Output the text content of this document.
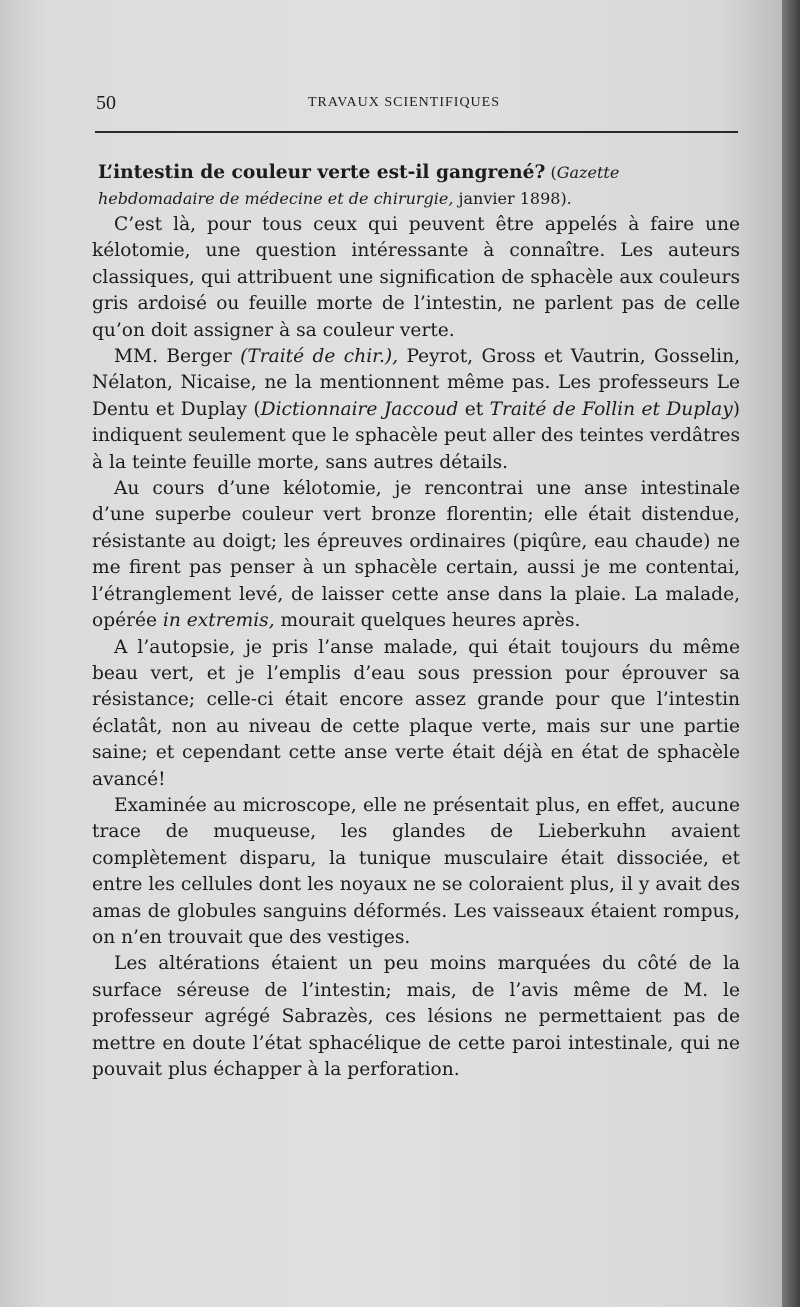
50	TRAVAUX SCIENTIFIQUES

L’intestin de couleur verte est-il gangrené? (Gazette hebdomadaire de médecine et de chirurgie, janvier 1898).

C’est là, pour tous ceux qui peuvent être appelés à faire une kélotomie, une question intéressante à connaître. Les auteurs classiques, qui attribuent une signification de sphacèle aux couleurs gris ardoisé ou feuille morte de l’intestin, ne parlent pas de celle qu’on doit assigner à sa couleur verte.

MM. Berger (Traité de chir.), Peyrot, Gross et Vautrin, Gosselin, Nélaton, Nicaise, ne la mentionnent même pas. Les professeurs Le Dentu et Duplay (Dictionnaire Jaccoud et Traité de Follin et Duplay) indiquent seulement que le sphacèle peut aller des teintes verdâtres à la teinte feuille morte, sans autres détails.

Au cours d’une kélotomie, je rencontrai une anse intestinale d’une superbe couleur vert bronze florentin; elle était distendue, résistante au doigt; les épreuves ordinaires (piqûre, eau chaude) ne me firent pas penser à un sphacèle certain, aussi je me contentai, l’étranglement levé, de laisser cette anse dans la plaie. La malade, opérée in extremis, mourait quelques heures après.

A l’autopsie, je pris l’anse malade, qui était toujours du même beau vert, et je l’emplis d’eau sous pression pour éprouver sa résistance; celle-ci était encore assez grande pour que l’intestin éclatât, non au niveau de cette plaque verte, mais sur une partie saine; et cependant cette anse verte était déjà en état de sphacèle avancé!

Examinée au microscope, elle ne présentait plus, en effet, aucune trace de muqueuse, les glandes de Lieberkuhn avaient complètement disparu, la tunique musculaire était dissociée, et entre les cellules dont les noyaux ne se coloraient plus, il y avait des amas de globules sanguins déformés. Les vaisseaux étaient rompus, on n’en trouvait que des vestiges.

Les altérations étaient un peu moins marquées du côté de la surface séreuse de l’intestin; mais, de l’avis même de M. le professeur agrégé Sabrazès, ces lésions ne permettaient pas de mettre en doute l’état sphacélique de cette paroi intestinale, qui ne pouvait plus échapper à la perforation.
